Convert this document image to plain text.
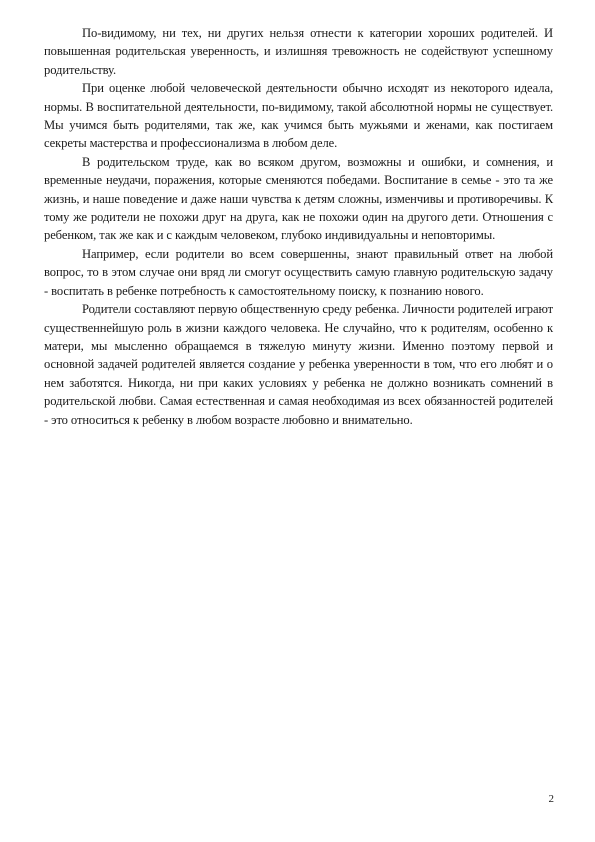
По-видимому, ни тех, ни других нельзя отнести к категории хороших родителей. И повышенная родительская уверенность, и излишняя тревожность не содействуют успешному родительству.

При оценке любой человеческой деятельности обычно исходят из некоторого идеала, нормы. В воспитательной деятельности, по-видимому, такой абсолютной нормы не существует. Мы учимся быть родителями, так же, как учимся быть мужьями и женами, как постигаем секреты мастерства и профессионализма в любом деле.

В родительском труде, как во всяком другом, возможны и ошибки, и сомнения, и временные неудачи, поражения, которые сменяются победами. Воспитание в семье - это та же жизнь, и наше поведение и даже наши чувства к детям сложны, изменчивы и противоречивы. К тому же родители не похожи друг на друга, как не похожи один на другого дети. Отношения с ребенком, так же как и с каждым человеком, глубоко индивидуальны и неповторимы.

Например, если родители во всем совершенны, знают правильный ответ на любой вопрос, то в этом случае они вряд ли смогут осуществить самую главную родительскую задачу - воспитать в ребенке потребность к самостоятельному поиску, к познанию нового.

Родители составляют первую общественную среду ребенка. Личности родителей играют существеннейшую роль в жизни каждого человека. Не случайно, что к родителям, особенно к матери, мы мысленно обращаемся в тяжелую минуту жизни. Именно поэтому первой и основной задачей родителей является создание у ребенка уверенности в том, что его любят и о нем заботятся. Никогда, ни при каких условиях у ребенка не должно возникать сомнений в родительской любви. Самая естественная и самая необходимая из всех обязанностей родителей - это относиться к ребенку в любом возрасте любовно и внимательно.

2
